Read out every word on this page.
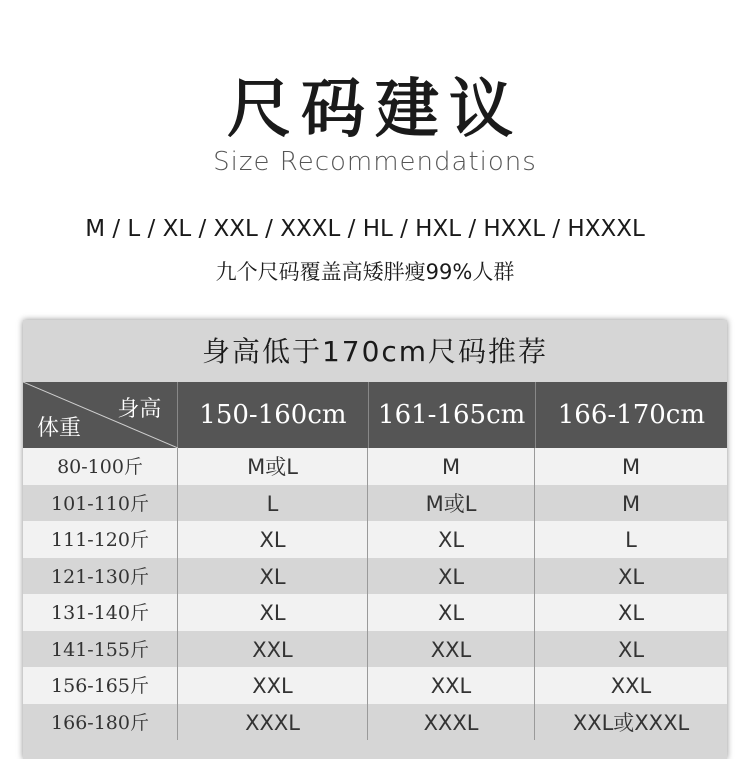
尺码建议
Size Recommendations
M / L / XL / XXL / XXXL / HL / HXL / HXXL / HXXXL
九个尺码覆盖高矮胖瘦99%人群
身高低于170cm尺码推荐
身高
体重	150-160cm	161-165cm	166-170cm
80-100斤	M或L	M	M
101-110斤	L	M或L	M
111-120斤	XL	XL	L
121-130斤	XL	XL	XL
131-140斤	XL	XL	XL
141-155斤	XXL	XXL	XL
156-165斤	XXL	XXL	XXL
166-180斤	XXXL	XXXL	XXL或XXXL
